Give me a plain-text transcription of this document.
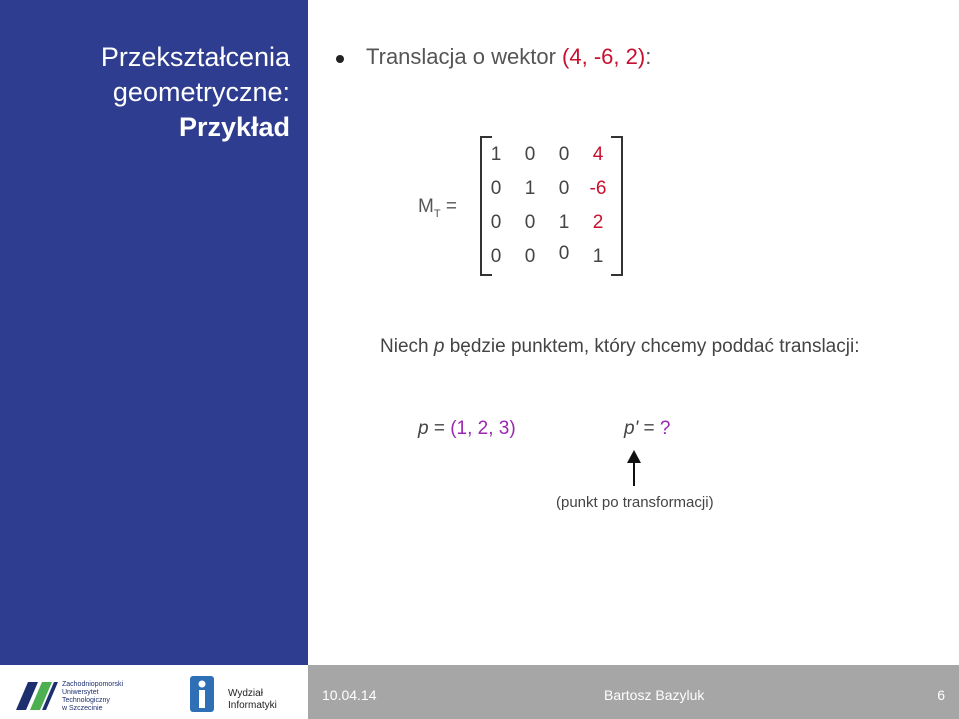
Przekształcenia
geometryczne:
Przykład
Translacja o wektor (4, -6, 2):
$M_T$ =
1 0 0 4
0 1 0 -6
0 0 1 2
0 0 0 1
Niech p będzie punktem, który chcemy poddać translacji:
p = (1, 2, 3)	p' = ?
(punkt po transformacji)
Zachodniopomorski
Uniwersytet
Technologiczny
w Szczecinie
Wydział
Informatyki
10.04.14	Bartosz Bazyluk	6
